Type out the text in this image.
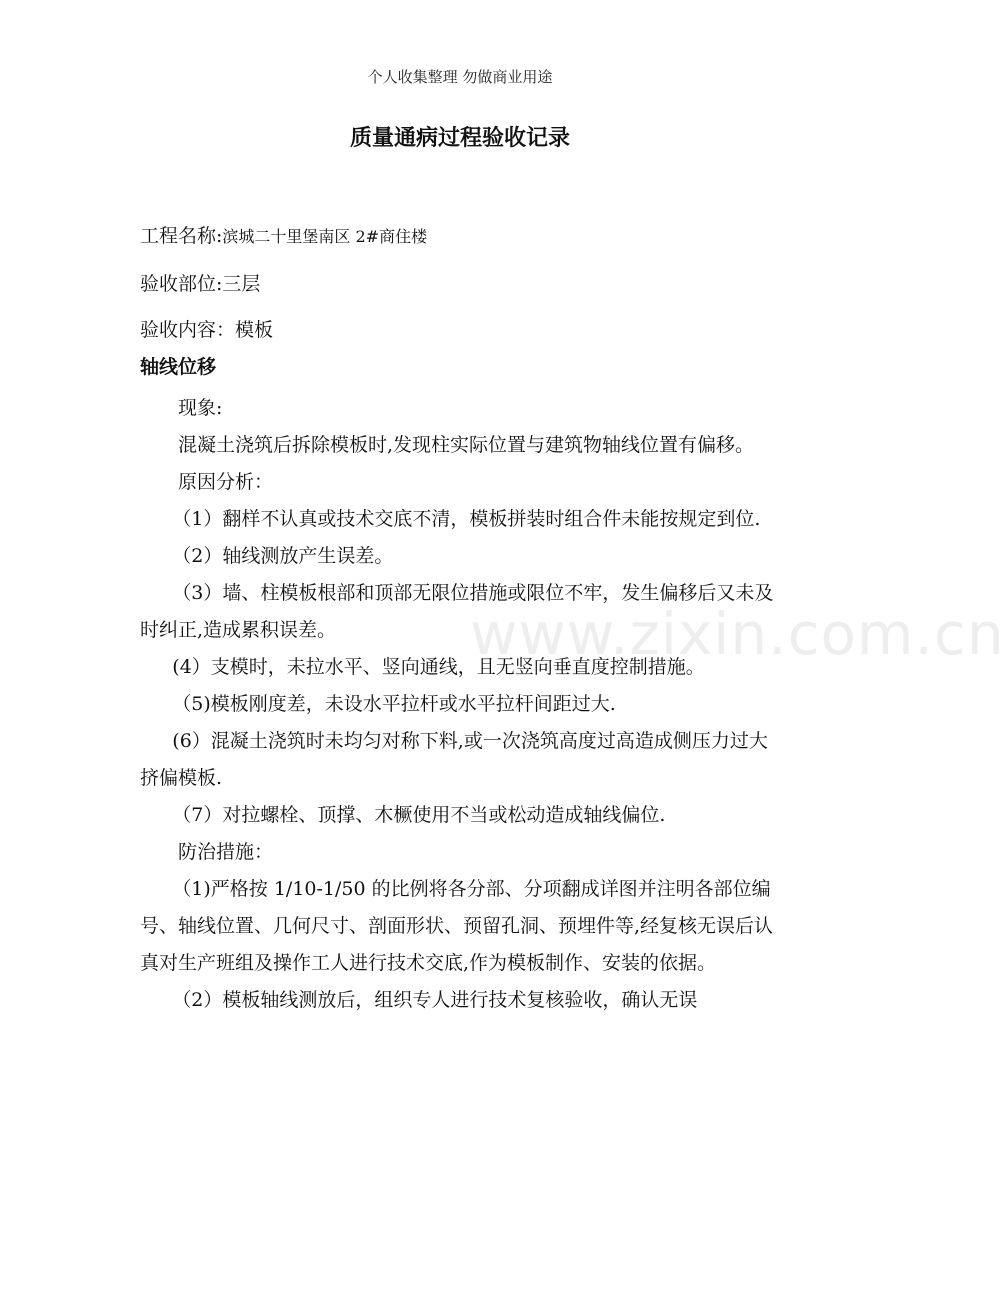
个人收集整理 勿做商业用途
质量通病过程验收记录
工程名称:滨城二十里堡南区 2#商住楼
验收部位:三层
验收内容：模板
轴线位移

现象:

混凝土浇筑后拆除模板时,发现柱实际位置与建筑物轴线位置有偏移。

原因分析：

（1）翻样不认真或技术交底不清，模板拼装时组合件未能按规定到位.

（2）轴线测放产生误差。

（3）墙、柱模板根部和顶部无限位措施或限位不牢，发生偏移后又未及时纠正,造成累积误差。

(4）支模时，未拉水平、竖向通线，且无竖向垂直度控制措施。

（5)模板刚度差，未设水平拉杆或水平拉杆间距过大.

(6）混凝土浇筑时未均匀对称下料,或一次浇筑高度过高造成侧压力过大挤偏模板.

（7）对拉螺栓、顶撑、木橛使用不当或松动造成轴线偏位.

防治措施：

（1)严格按 1/10-1/50 的比例将各分部、分项翻成详图并注明各部位编号、轴线位置、几何尺寸、剖面形状、预留孔洞、预埋件等,经复核无误后认真对生产班组及操作工人进行技术交底,作为模板制作、安装的依据。

（2）模板轴线测放后，组织专人进行技术复核验收，确认无误

www.zixin.com.cn
